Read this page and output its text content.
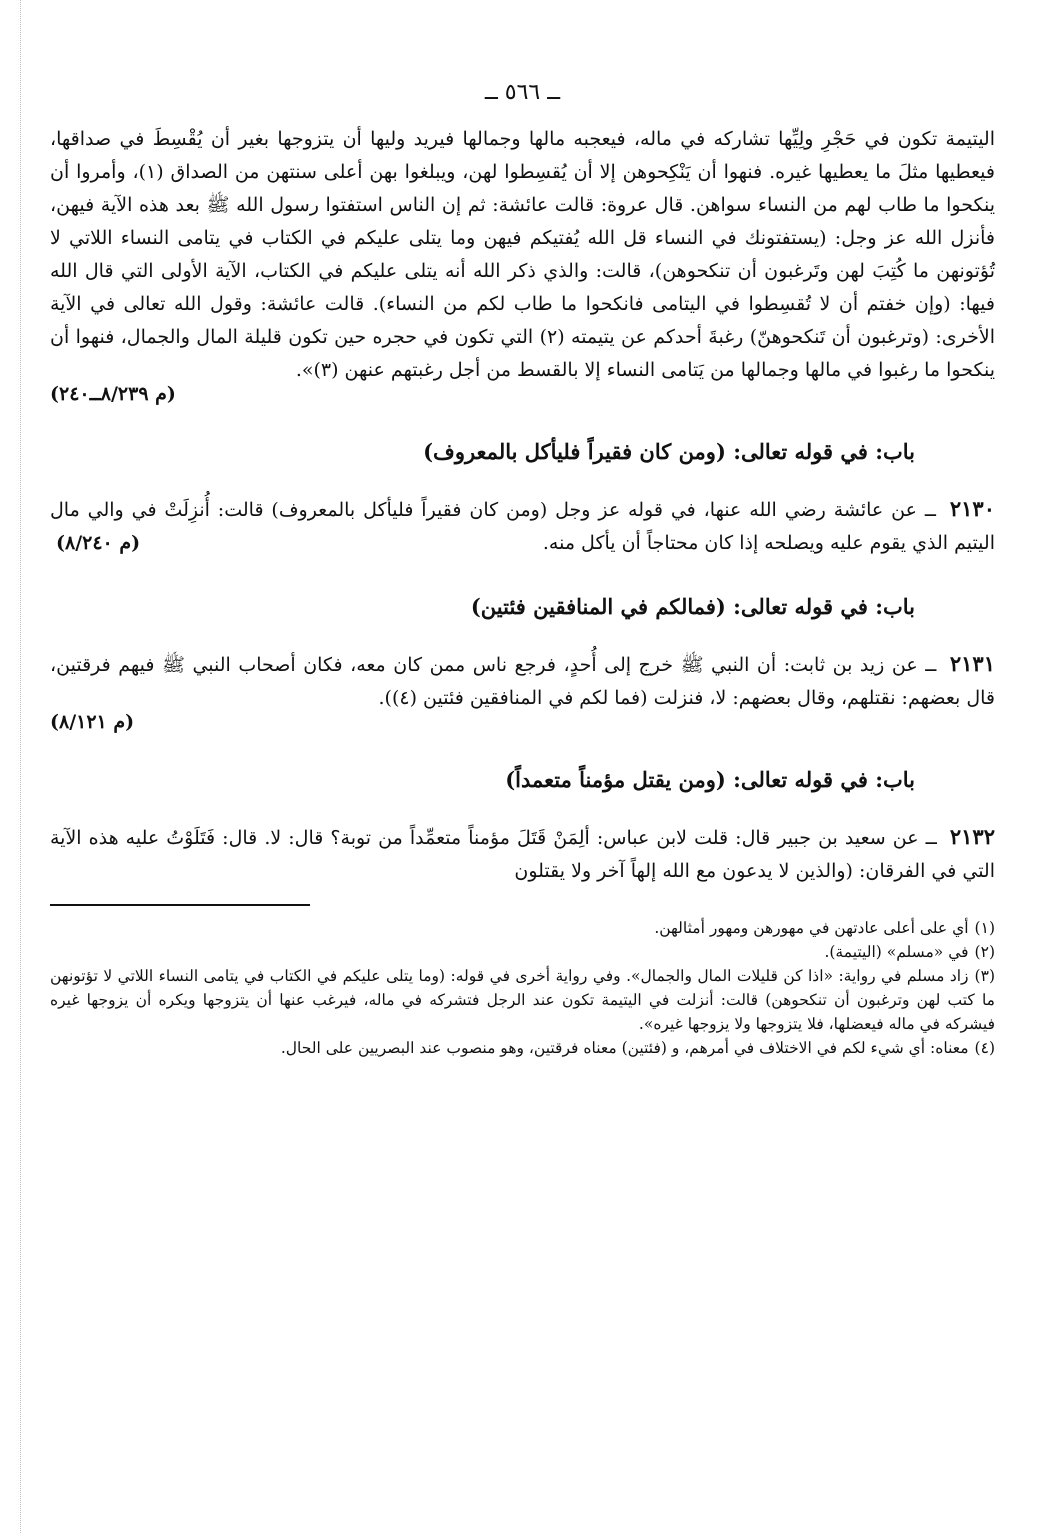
ــ ٥٦٦ ــ

اليتيمة تكون في حَجْرِ ولِيِّها تشاركه في ماله، فيعجبه مالها وجمالها فيريد وليها أن يتزوجها بغير أن يُقْسِطَ في صداقها، فيعطيها مثلَ ما يعطيها غيره. فنهوا أن يَنْكِحوهن إلا أن يُقسِطوا لهن، ويبلغوا بهن أعلى سنتهن من الصداق (١)، وأمروا أن ينكحوا ما طاب لهم من النساء سواهن. قال عروة: قالت عائشة: ثم إن الناس استفتوا رسول الله ﷺ بعد هذه الآية فيهن، فأنزل الله عز وجل: (يستفتونك في النساء قل الله يُفتيكم فيهن وما يتلى عليكم في الكتاب في يتامى النساء اللاتي لا تُؤتونهن ما كُتِبَ لهن وتَرغبون أن تنكحوهن)، قالت: والذي ذكر الله أنه يتلى عليكم في الكتاب، الآية الأولى التي قال الله فيها: (وإن خفتم أن لا تُقسِطوا في اليتامى فانكحوا ما طاب لكم من النساء). قالت عائشة: وقول الله تعالى في الآية الأخرى: (وترغبون أن تَنكحوهنّ) رغبةَ أحدكم عن يتيمته (٢) التي تكون في حجره حين تكون قليلة المال والجمال، فنهوا أن ينكحوا ما رغبوا في مالها وجمالها من يَتامى النساء إلا بالقسط من أجل رغبتهم عنهن (٣)».

(م ٨/٢٣٩ــ٢٤٠)
باب: في قوله تعالى: (ومن كان فقيراً فليأكل بالمعروف)

٢١٣٠ ــ عن عائشة رضي الله عنها، في قوله عز وجل (ومن كان فقيراً فليأكل بالمعروف) قالت: أُنزِلَتْ في والي مال اليتيم الذي يقوم عليه ويصلحه إذا كان محتاجاً أن يأكل منه.
(م ٨/٢٤٠)

باب: في قوله تعالى: (فمالكم في المنافقين فئتين)

٢١٣١ ــ عن زيد بن ثابت: أن النبي ﷺ خرج إلى أُحدٍ، فرجع ناس ممن كان معه، فكان أصحاب النبي ﷺ فيهم فرقتين، قال بعضهم: نقتلهم، وقال بعضهم: لا، فنزلت (فما لكم في المنافقين فئتين (٤)).

(م ٨/١٢١)
باب: في قوله تعالى: (ومن يقتل مؤمناً متعمداً)

٢١٣٢ ــ عن سعيد بن جبير قال: قلت لابن عباس: ألِمَنْ قَتَلَ مؤمناً متعمِّداً من توبة؟ قال: لا. قال: فَتَلَوْتُ عليه هذه الآية التي في الفرقان: (والذين لا يدعون مع الله إلهاً آخر ولا يقتلون

(١)أي على أعلى عادتهن في مهورهن ومهور أمثالهن.

(٢)في «مسلم» (اليتيمة).

(٣)زاد مسلم في رواية: «اذا كن قليلات المال والجمال». وفي رواية أخرى في قوله: (وما يتلى عليكم في الكتاب في يتامى النساء اللاتي لا تؤتونهن ما كتب لهن وترغبون أن تنكحوهن) قالت: أنزلت في اليتيمة تكون عند الرجل فتشركه في ماله، فيرغب عنها أن يتزوجها ويكره أن يزوجها غيره فيشركه في ماله فيعضلها، فلا يتزوجها ولا يزوجها غيره».

(٤)معناه: أي شيء لكم في الاختلاف في أمرهم، و (فئتين) معناه فرقتين، وهو منصوب عند البصريين على الحال.
